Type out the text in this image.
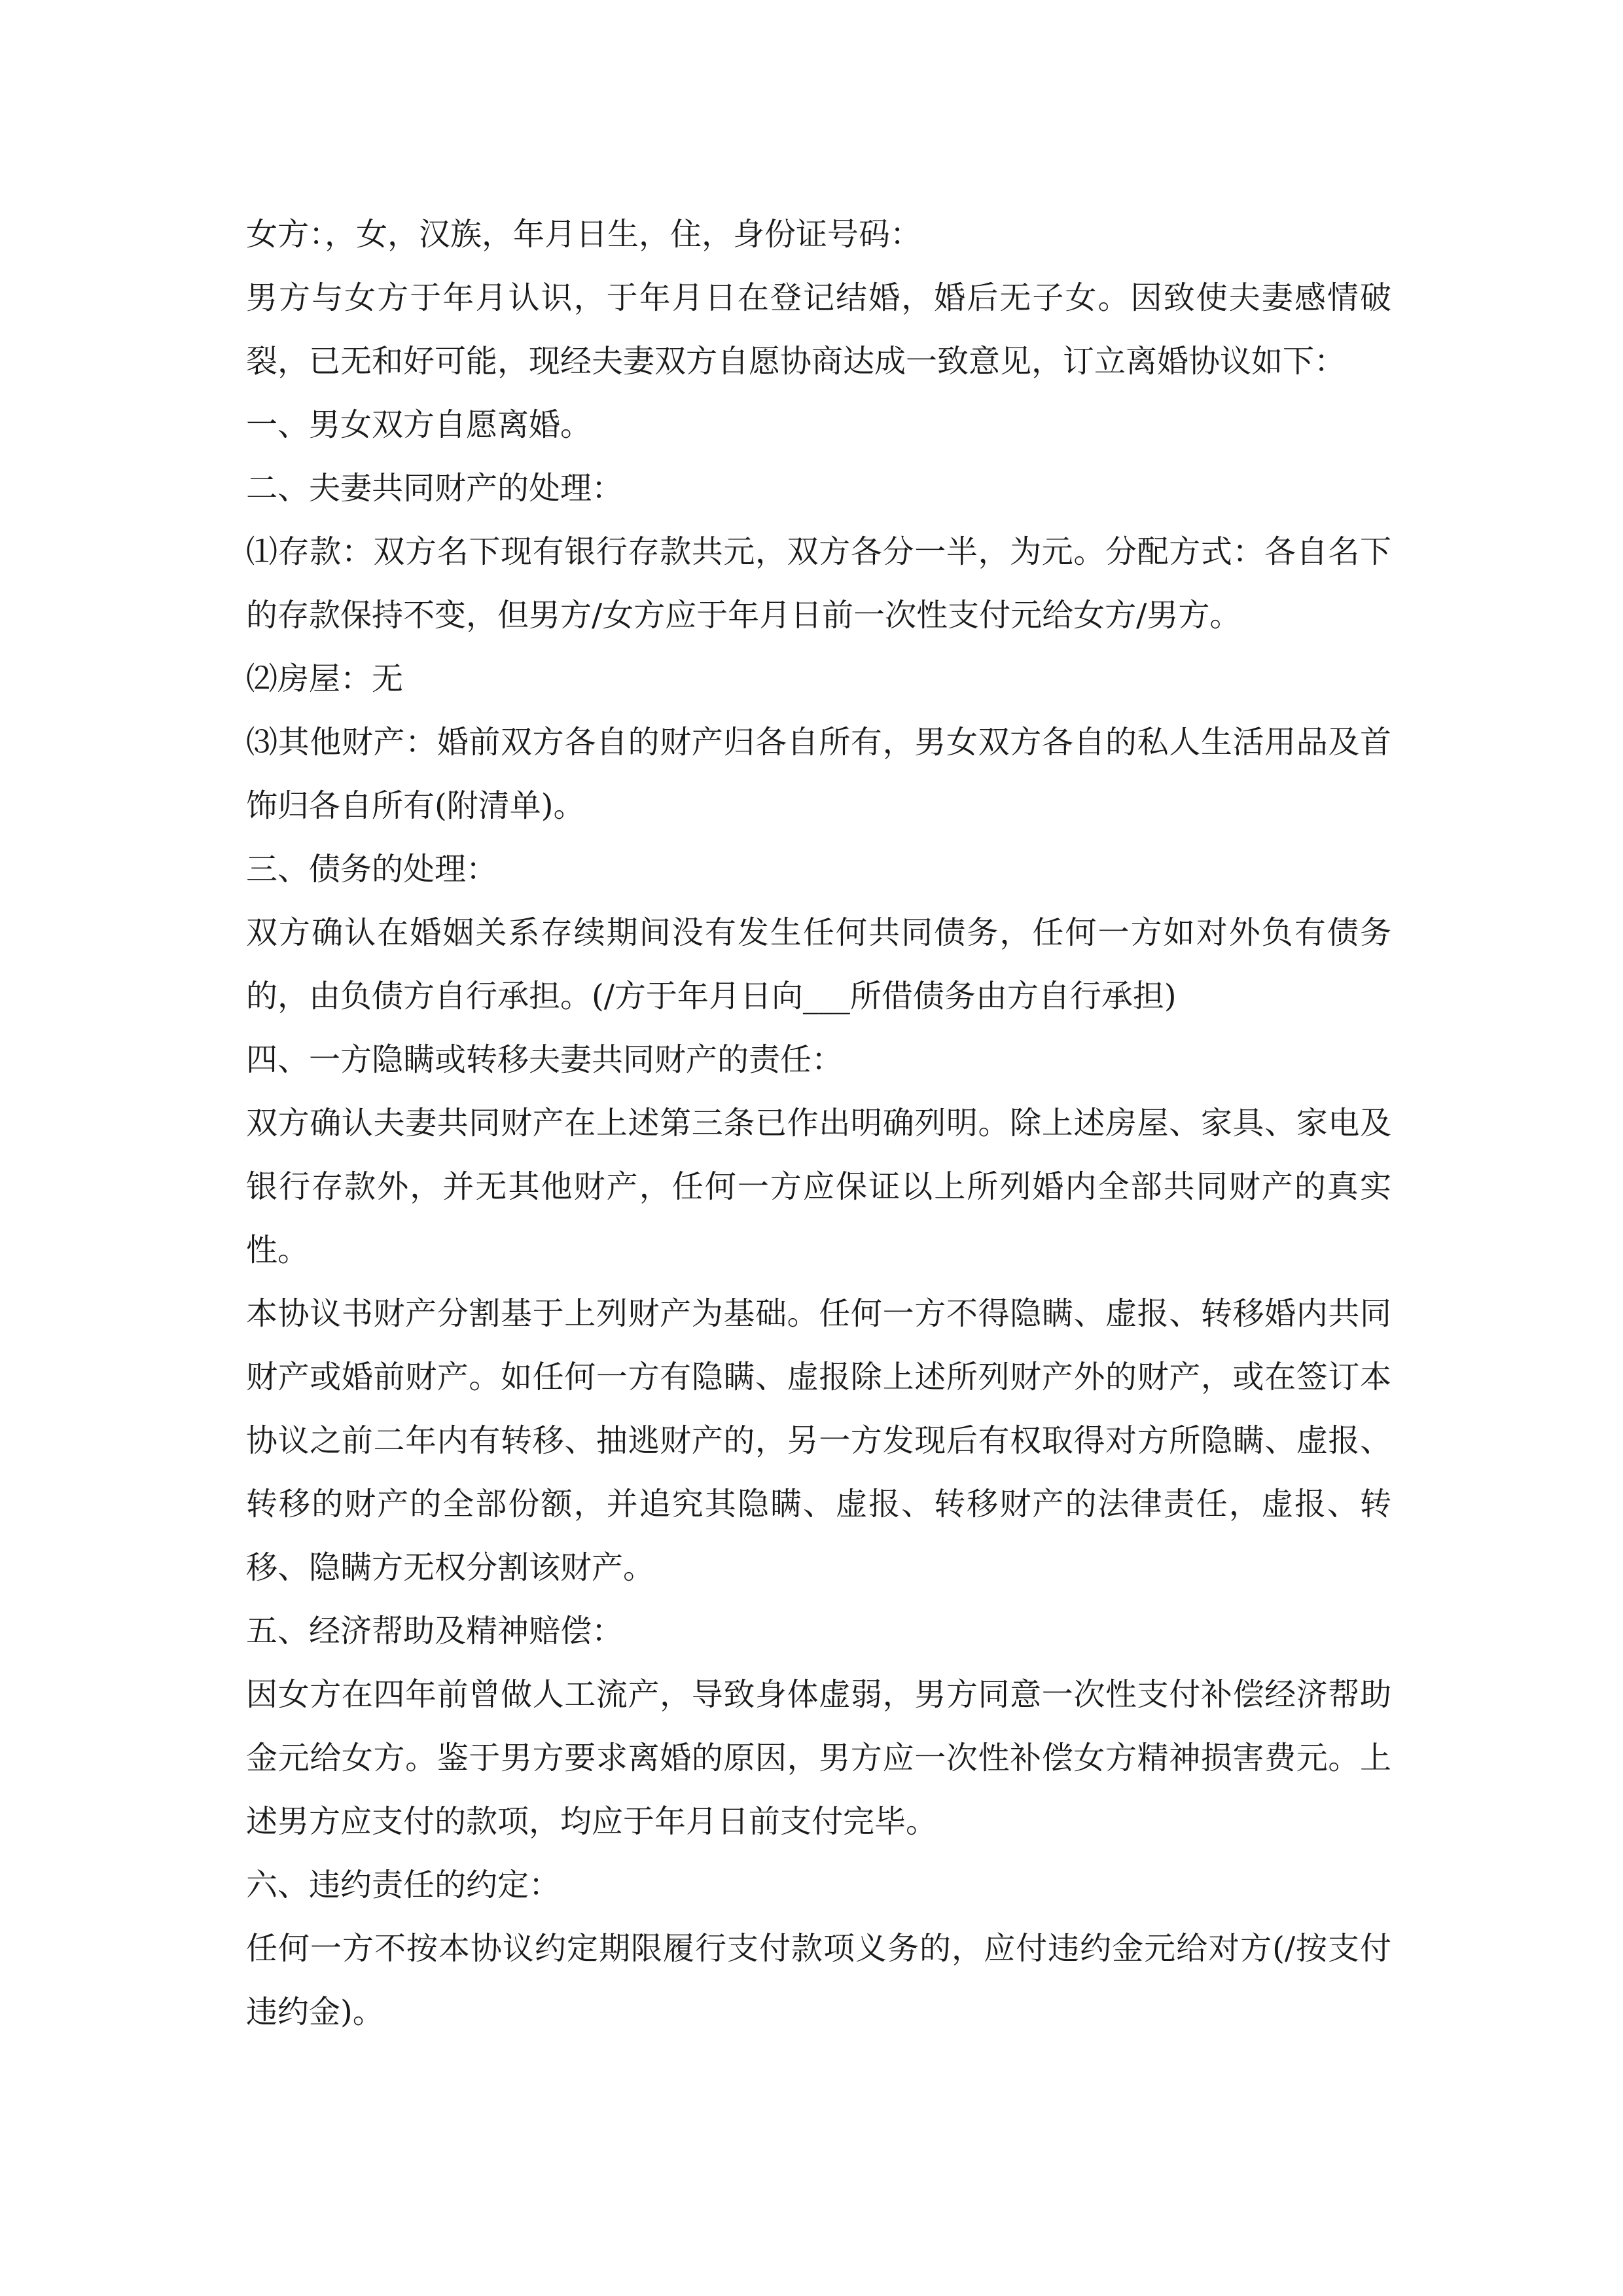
女方：，女，汉族，年月日生，住，身份证号码：

男方与女方于年月认识，于年月日在登记结婚，婚后无子女。因致使夫妻感情破裂，已无和好可能，现经夫妻双方自愿协商达成一致意见，订立离婚协议如下：

一、男女双方自愿离婚。

二、夫妻共同财产的处理：

⑴存款：双方名下现有银行存款共元，双方各分一半，为元。分配方式：各自名下的存款保持不变，但男方/女方应于年月日前一次性支付元给女方/男方。

⑵房屋：无

⑶其他财产：婚前双方各自的财产归各自所有，男女双方各自的私人生活用品及首饰归各自所有(附清单)。

三、债务的处理：

双方确认在婚姻关系存续期间没有发生任何共同债务，任何一方如对外负有债务的，由负债方自行承担。(/方于年月日向___所借债务由方自行承担)

四、一方隐瞒或转移夫妻共同财产的责任：

双方确认夫妻共同财产在上述第三条已作出明确列明。除上述房屋、家具、家电及银行存款外，并无其他财产，任何一方应保证以上所列婚内全部共同财产的真实性。

本协议书财产分割基于上列财产为基础。任何一方不得隐瞒、虚报、转移婚内共同财产或婚前财产。如任何一方有隐瞒、虚报除上述所列财产外的财产，或在签订本协议之前二年内有转移、抽逃财产的，另一方发现后有权取得对方所隐瞒、虚报、转移的财产的全部份额，并追究其隐瞒、虚报、转移财产的法律责任，虚报、转移、隐瞒方无权分割该财产。

五、经济帮助及精神赔偿：

因女方在四年前曾做人工流产，导致身体虚弱，男方同意一次性支付补偿经济帮助金元给女方。鉴于男方要求离婚的原因，男方应一次性补偿女方精神损害费元。上述男方应支付的款项，均应于年月日前支付完毕。

六、违约责任的约定：

任何一方不按本协议约定期限履行支付款项义务的，应付违约金元给对方(/按支付违约金)。
